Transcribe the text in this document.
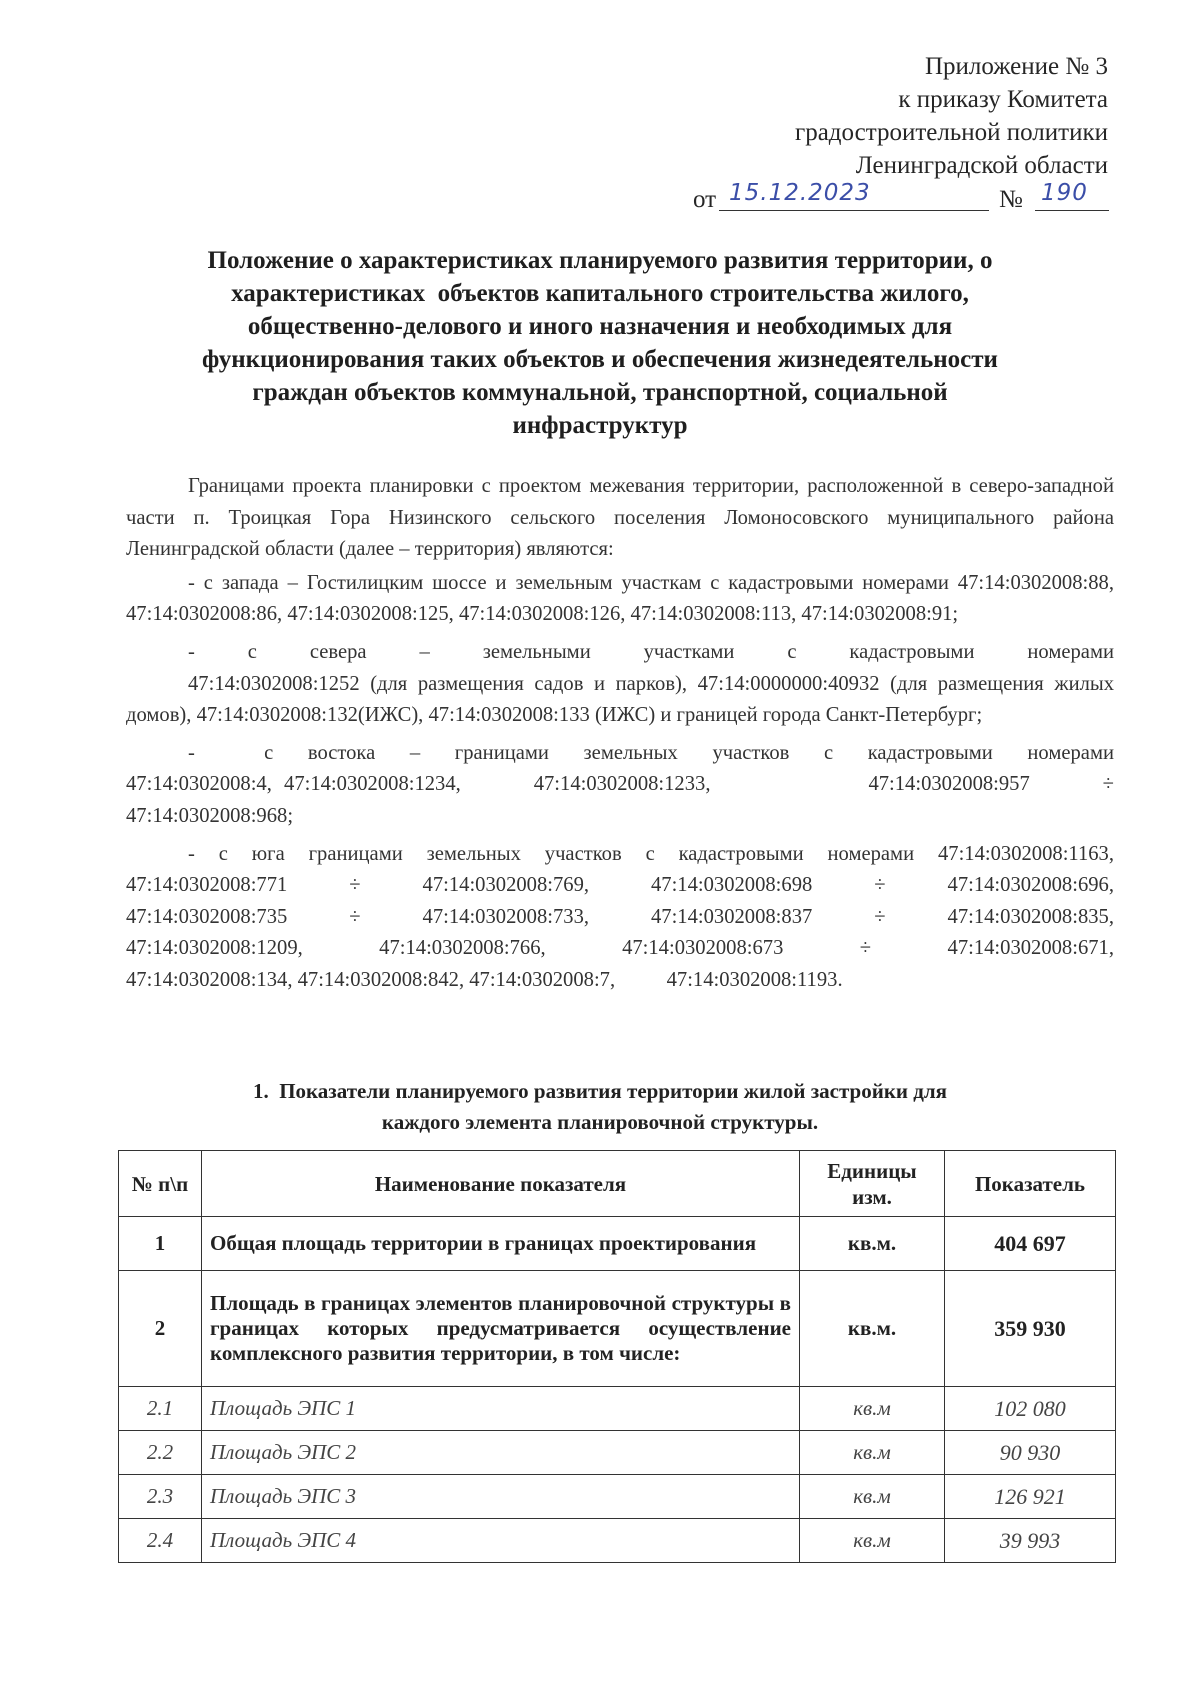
Приложение № 3
к приказу Комитета
градостроительной политики
Ленинградской области
от 15.12.2023	№ 190
Положение о характеристиках планируемого развития территории, о
характеристиках  объектов капитального строительства жилого,
общественно-делового и иного назначения и необходимых для
функционирования таких объектов и обеспечения жизнедеятельности
граждан объектов коммунальной, транспортной, социальной
инфраструктур

Границами проекта планировки с проектом межевания территории, расположенной в северо-западной части п. Троицкая Гора Низинского сельского поселения Ломоносовского муниципального района Ленинградской области (далее – территория) являются:

- с запада – Гостилицким шоссе и земельным участкам с кадастровыми номерами 47:14:0302008:88, 47:14:0302008:86, 47:14:0302008:125, 47:14:0302008:126, 47:14:0302008:113, 47:14:0302008:91;

-    с    севера    –    земельными    участками    с    кадастровыми    номерами

47:14:0302008:1252 (для размещения садов и парков), 47:14:0000000:40932 (для размещения жилых домов), 47:14:0302008:132(ИЖС), 47:14:0302008:133 (ИЖС) и границей города Санкт-Петербург;

-    с  востока  –  границами  земельных  участков  с  кадастровыми  номерами

47:14:0302008:4, 47:14:0302008:1234,      47:14:0302008:1233,             47:14:0302008:957      ÷

47:14:0302008:968;

- с юга границами земельных участков с кадастровыми номерами 47:14:0302008:1163,

47:14:0302008:771   ÷   47:14:0302008:769,   47:14:0302008:698   ÷   47:14:0302008:696,

47:14:0302008:735   ÷   47:14:0302008:733,   47:14:0302008:837   ÷   47:14:0302008:835,

47:14:0302008:1209,    47:14:0302008:766,    47:14:0302008:673    ÷    47:14:0302008:671,

47:14:0302008:134, 47:14:0302008:842, 47:14:0302008:7,          47:14:0302008:1193.

1.  Показатели планируемого развития территории жилой застройки для
каждого элемента планировочной структуры.
№ п\п	Наименование показателя	Единицы изм.	Показатель
1	Общая площадь территории в границах проектирования	кв.м.	404 697
2	Площадь в границах элементов планировочной структуры в границах которых предусматривается осуществление комплексного развития территории, в том числе:	кв.м.	359 930
2.1	Площадь ЭПС 1	кв.м	102 080
2.2	Площадь ЭПС 2	кв.м	90 930
2.3	Площадь ЭПС 3	кв.м	126 921
2.4	Площадь ЭПС 4	кв.м	39 993
